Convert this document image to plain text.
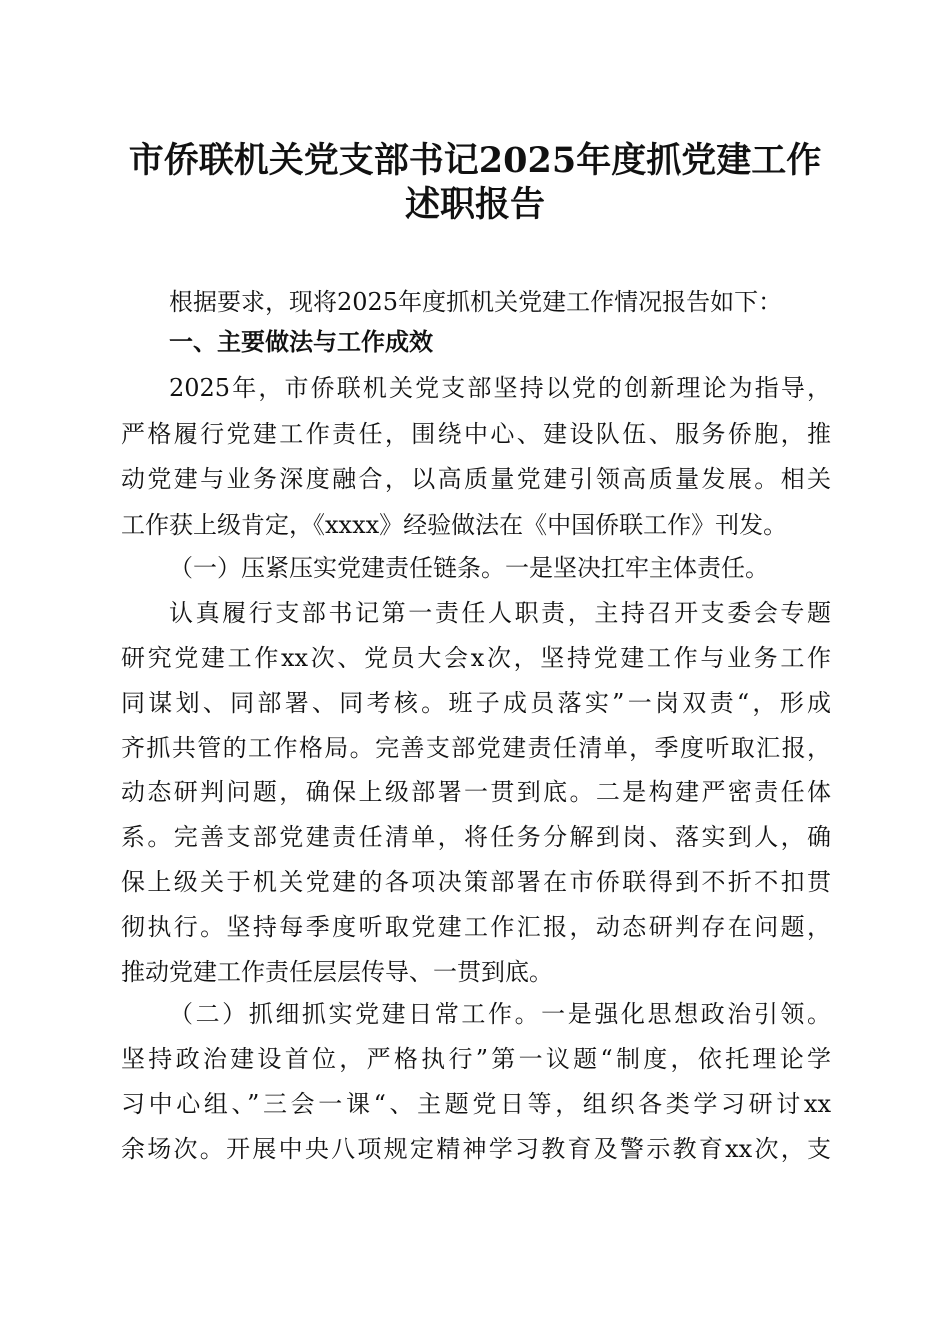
市侨联机关党支部书记2025年度抓党建工作
述职报告
根据要求，现将2025年度抓机关党建工作情况报告如下：
一、主要做法与工作成效
2025年，市侨联机关党支部坚持以党的创新理论为指导，
严格履行党建工作责任，围绕中心、建设队伍、服务侨胞，推
动党建与业务深度融合，以高质量党建引领高质量发展。相关
工作获上级肯定，《xxxx》经验做法在《中国侨联工作》刊发。
（一）压紧压实党建责任链条。一是坚决扛牢主体责任。
认真履行支部书记第一责任人职责，主持召开支委会专题
研究党建工作xx次、党员大会x次，坚持党建工作与业务工作
同谋划、同部署、同考核。班子成员落实”一岗双责“，形成
齐抓共管的工作格局。完善支部党建责任清单，季度听取汇报，
动态研判问题，确保上级部署一贯到底。二是构建严密责任体
系。完善支部党建责任清单，将任务分解到岗、落实到人，确
保上级关于机关党建的各项决策部署在市侨联得到不折不扣贯
彻执行。坚持每季度听取党建工作汇报，动态研判存在问题，
推动党建工作责任层层传导、一贯到底。
（二）抓细抓实党建日常工作。一是强化思想政治引领。
坚持政治建设首位，严格执行”第一议题“制度，依托理论学
习中心组、”三会一课“、主题党日等，组织各类学习研讨xx
余场次。开展中央八项规定精神学习教育及警示教育xx次，支
